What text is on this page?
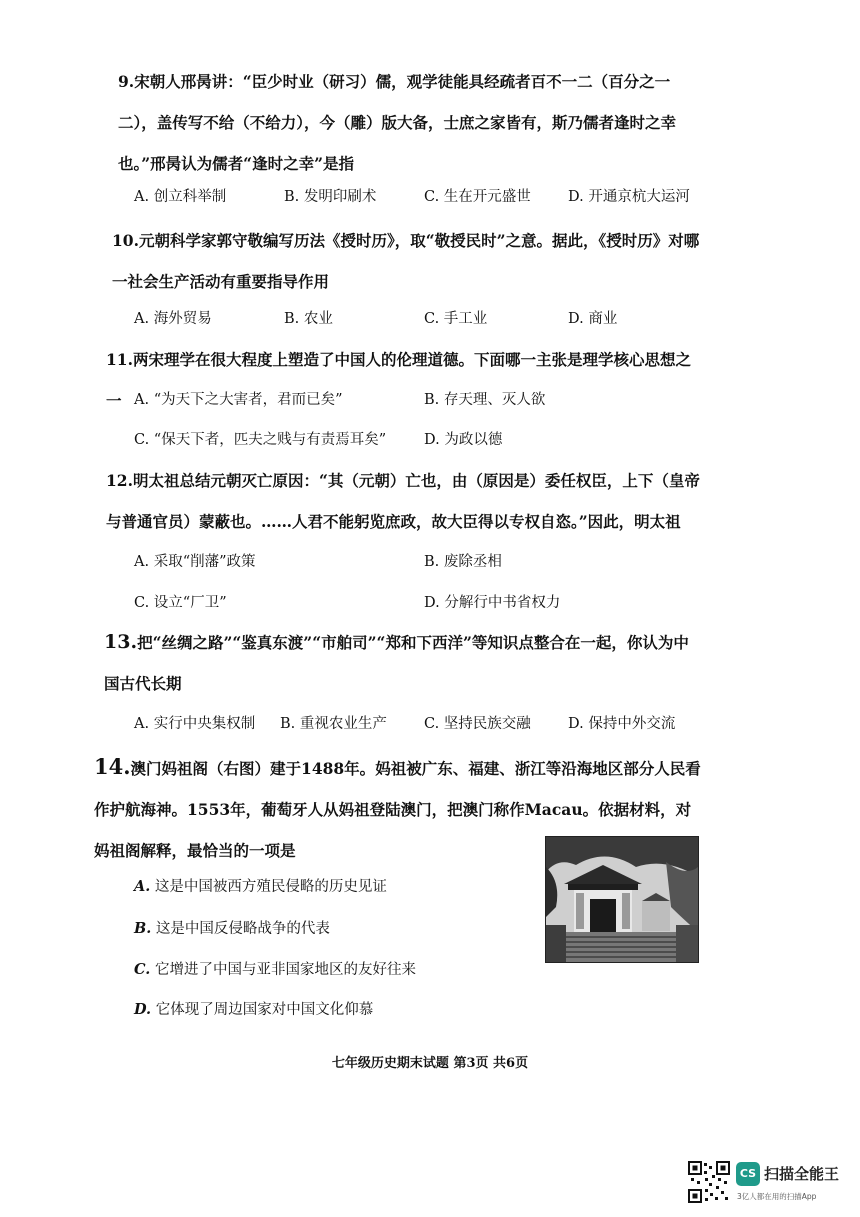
9.宋朝人邢昺讲：“臣少时业（研习）儒，观学徒能具经疏者百不一二（百分之一二），盖传写不给（不给力），今（雕）版大备，士庶之家皆有，斯乃儒者逢时之幸也。”邢昺认为儒者“逢时之幸”是指

A. 创立科举制	B. 发明印刷术	C. 生在开元盛世	D. 开通京杭大运河

10.元朝科学家郭守敬编写历法《授时历》，取“敬授民时”之意。据此，《授时历》对哪一社会生产活动有重要指导作用

A. 海外贸易	B. 农业	C. 手工业	D. 商业

11.两宋理学在很大程度上塑造了中国人的伦理道德。下面哪一主张是理学核心思想之一 A. “为天下之大害者，君而已矣”	B. 存天理、灭人欲
C. “保天下者，匹夫之贱与有责焉耳矣”	D. 为政以德

12.明太祖总结元朝灭亡原因：“其（元朝）亡也，由（原因是）委任权臣，上下（皇帝与普通官员）蒙蔽也。……人君不能躬览庶政，故大臣得以专权自恣。”因此，明太祖

A. 采取“削藩”政策	B. 废除丞相
C. 设立“厂卫”	D. 分解行中书省权力

13.把“丝绸之路”“鉴真东渡”“市舶司”“郑和下西洋”等知识点整合在一起，你认为中国古代长期

A. 实行中央集权制 B. 重视农业生产	C. 坚持民族交融	D. 保持中外交流

14.澳门妈祖阁（右图）建于1488年。妈祖被广东、福建、浙江等沿海地区部分人民看作护航海神。1553年，葡萄牙人从妈祖登陆澳门，把澳门称作Macau。依据材料，对妈祖阁解释，最恰当的一项是

A. 这是中国被西方殖民侵略的历史见证
B. 这是中国反侵略战争的代表
C. 它增进了中国与亚非国家地区的友好往来
D. 它体现了周边国家对中国文化仰慕
七年级历史期末试题 第3页 共6页
CS 扫描全能王
3亿人都在用的扫描App
